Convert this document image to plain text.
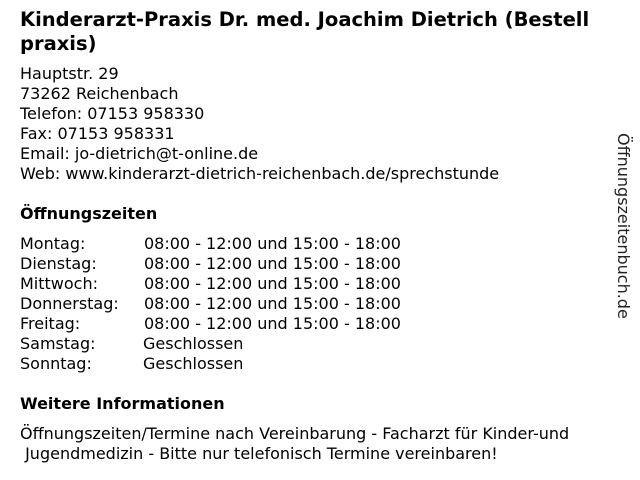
Kinderarzt-Praxis Dr. med. Joachim Dietrich (Bestell
praxis)
Hauptstr. 29
73262 Reichenbach
Telefon: 07153 958330
Fax: 07153 958331
Email: jo-dietrich@t-online.de
Web: www.kinderarzt-dietrich-reichenbach.de/sprechstunde
Öffnungszeiten
Montag:	08:00 - 12:00 und 15:00 - 18:00
Dienstag:	08:00 - 12:00 und 15:00 - 18:00
Mittwoch:	08:00 - 12:00 und 15:00 - 18:00
Donnerstag: 08:00 - 12:00 und 15:00 - 18:00
Freitag:	08:00 - 12:00 und 15:00 - 18:00
Samstag:	Geschlossen
Sonntag:	Geschlossen
Weitere Informationen
Öffnungszeiten/Termine nach Vereinbarung - Facharzt für Kinder-und
Jugendmedizin - Bitte nur telefonisch Termine vereinbaren!
Öffnungszeitenbuch.de
